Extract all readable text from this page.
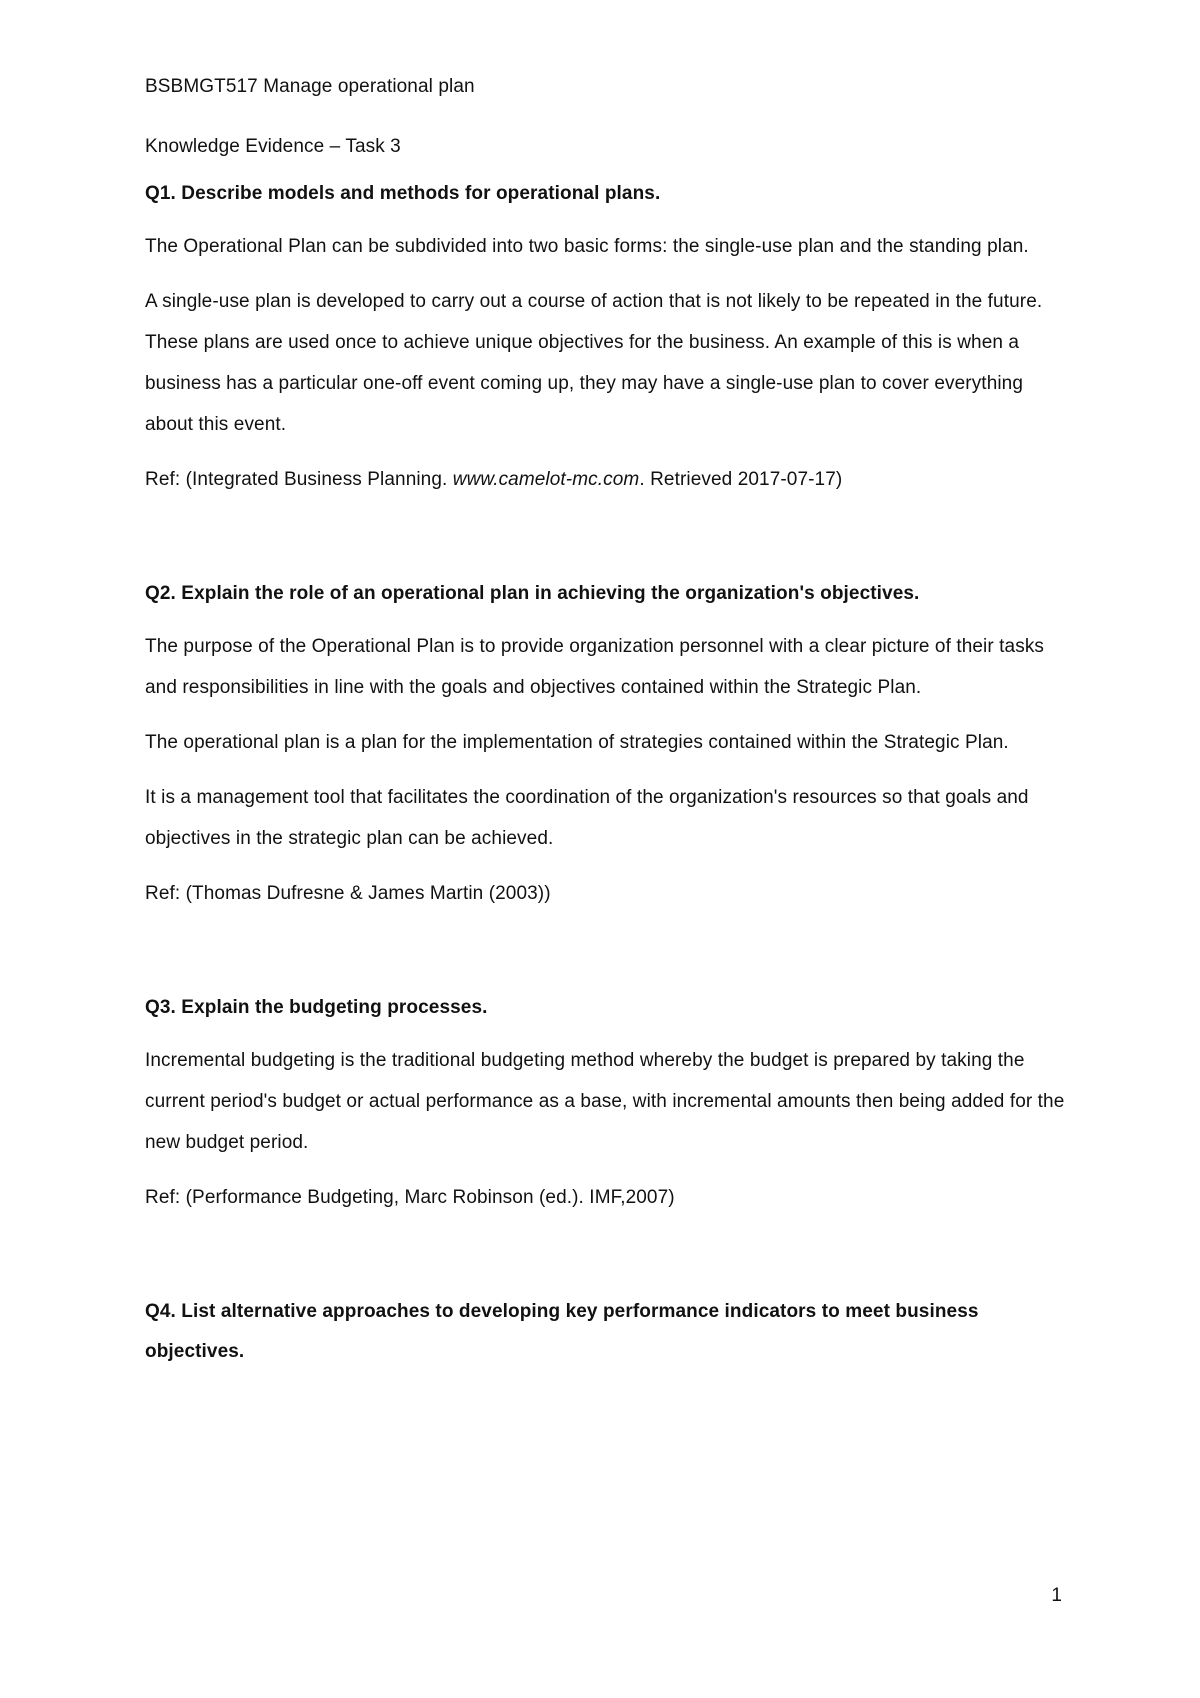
BSBMGT517 Manage operational plan

Knowledge Evidence – Task 3

Q1. Describe models and methods for operational plans.

The Operational Plan can be subdivided into two basic forms: the single-use plan and the standing plan.

A single-use plan is developed to carry out a course of action that is not likely to be repeated in the future. These plans are used once to achieve unique objectives for the business. An example of this is when a business has a particular one-off event coming up, they may have a single-use plan to cover everything about this event.

Ref: (Integrated Business Planning. www.camelot-mc.com. Retrieved 2017-07-17)

Q2. Explain the role of an operational plan in achieving the organization's objectives.

The purpose of the Operational Plan is to provide organization personnel with a clear picture of their tasks and responsibilities in line with the goals and objectives contained within the Strategic Plan.

The operational plan is a plan for the implementation of strategies contained within the Strategic Plan.

It is a management tool that facilitates the coordination of the organization's resources so that goals and objectives in the strategic plan can be achieved.

Ref: (Thomas Dufresne & James Martin (2003))

Q3. Explain the budgeting processes.

Incremental budgeting is the traditional budgeting method whereby the budget is prepared by taking the current period's budget or actual performance as a base, with incremental amounts then being added for the new budget period.

Ref: (Performance Budgeting, Marc Robinson (ed.). IMF,2007)

Q4. List alternative approaches to developing key performance indicators to meet business objectives.

1
